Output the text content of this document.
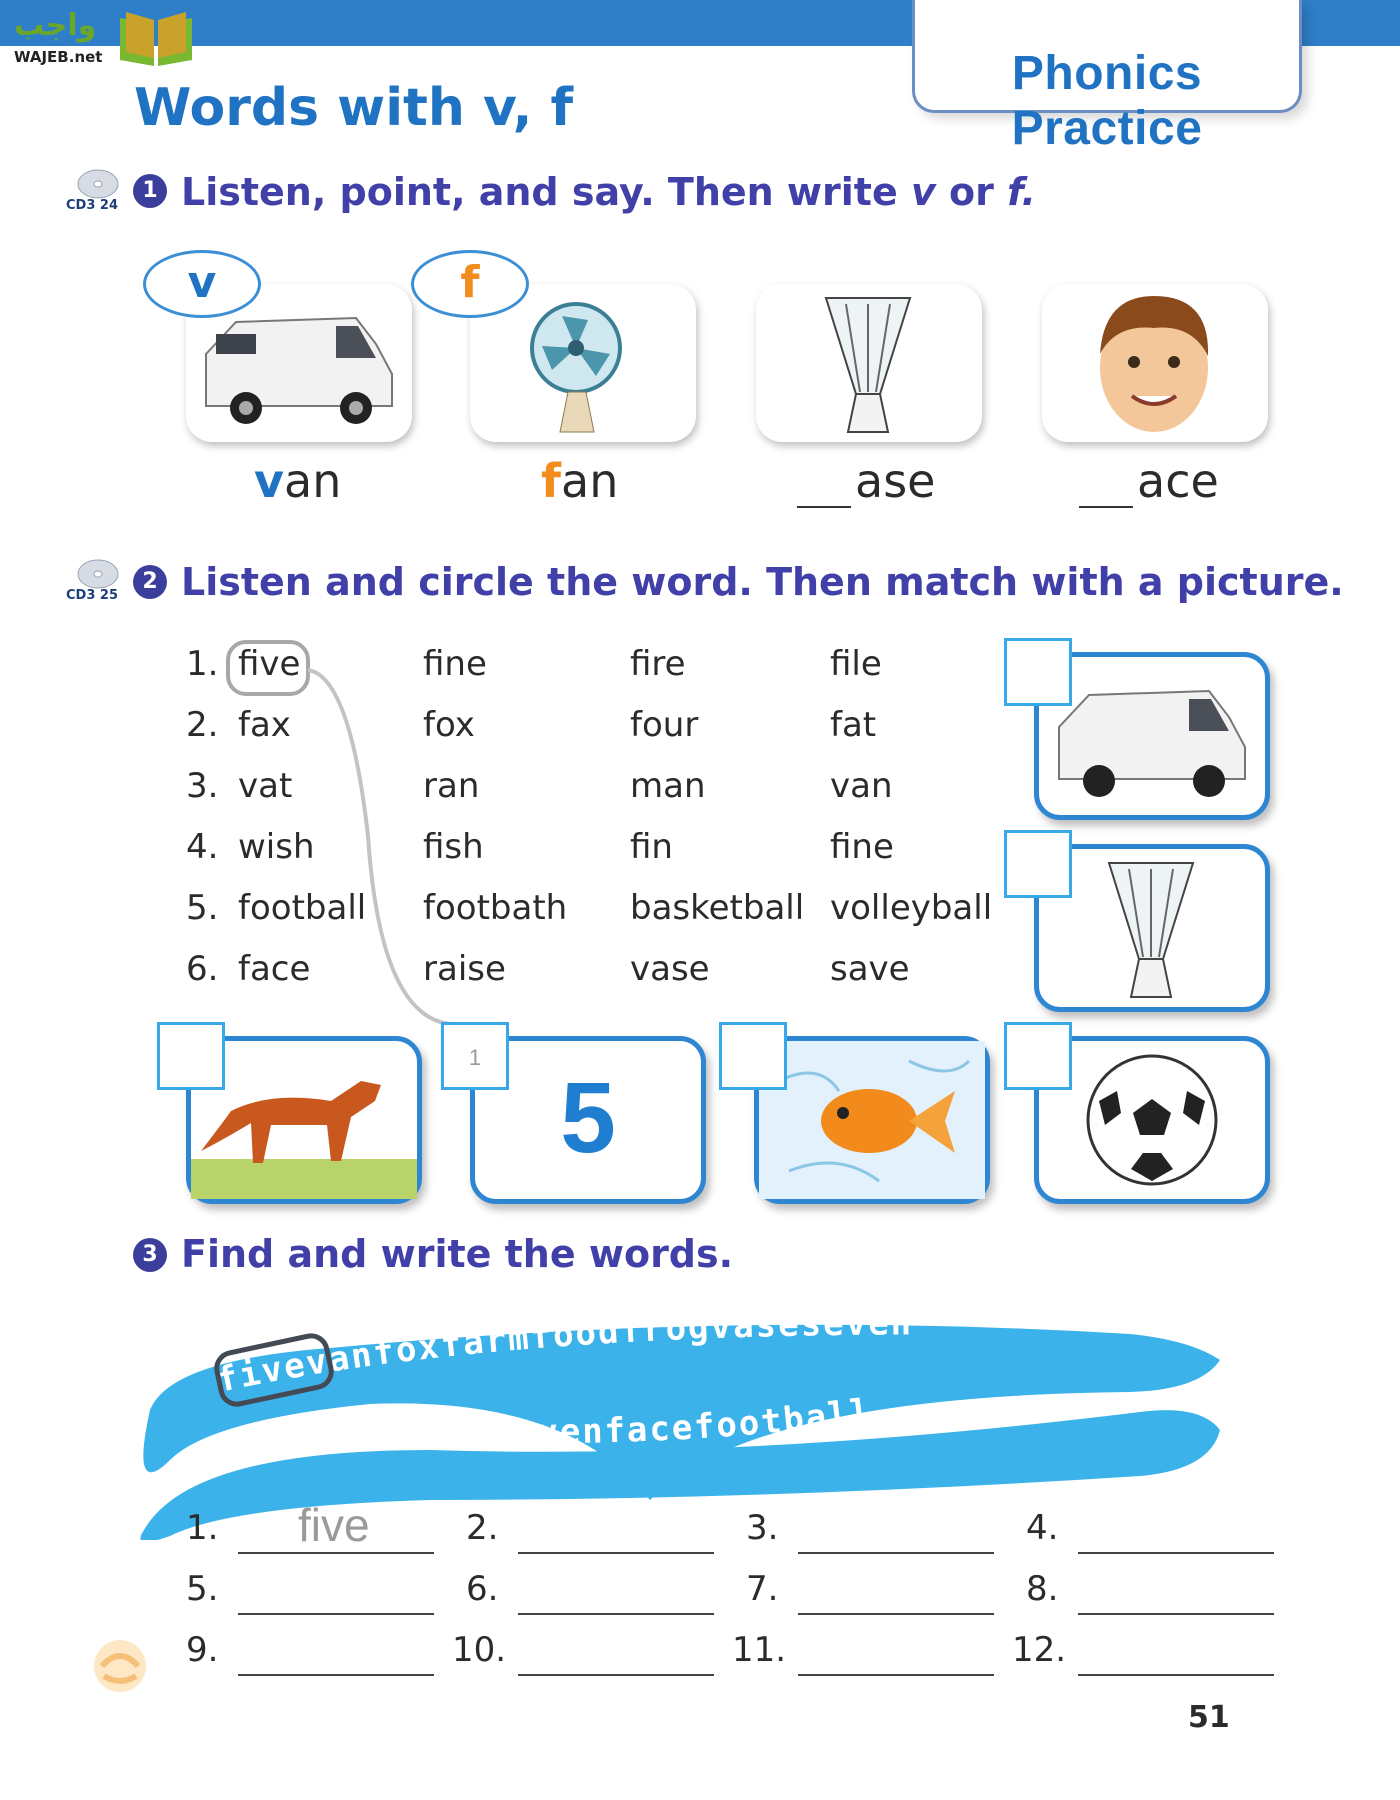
واجب
WAJEB.net	Phonics Practice
Words with v, f
CD3 24
1 Listen, point, and say. Then write v or f.
v	f
van	fan	ase	ace
CD3 25
2 Listen and circle the word. Then match with a picture.
1. five	fine	fire	file
2. fax	fox	four	fat
3. vat	ran	man	van
4. wish	fish	fin	fine
5. football footbath basketball volleyball
6. face	raise	vase	save
5
1
3 Find and write the words.
fivevanfoxfarmfoodfrogvaseseven
fishelevenfacefootball
1. five	2.	3.	4.
5.	6.	7.	8.
9.	10.	11.	12.
51
